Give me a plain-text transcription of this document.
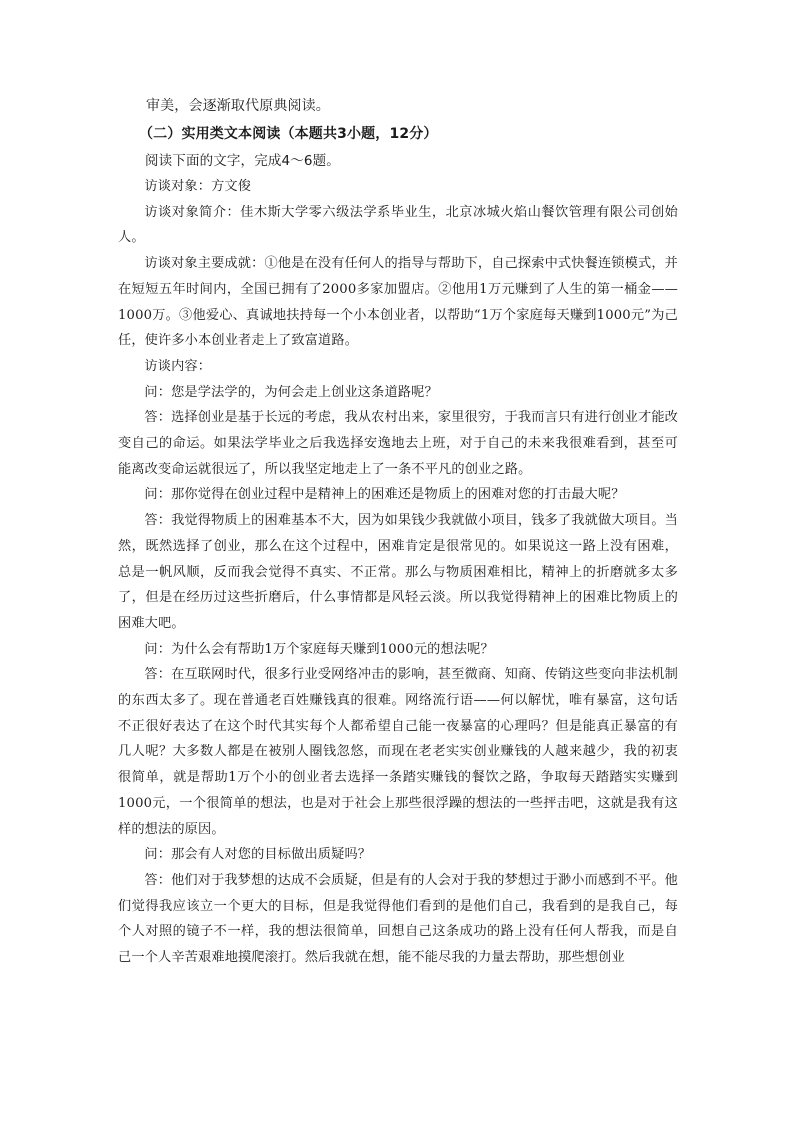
审美，会逐渐取代原典阅读。

（二）实用类文本阅读（本题共3小题，12分）

阅读下面的文字，完成4～6题。

访谈对象：方文俊

访谈对象简介：佳木斯大学零六级法学系毕业生，北京冰城火焰山餐饮管理有限公司创始人。

访谈对象主要成就：①他是在没有任何人的指导与帮助下，自己探索中式快餐连锁模式，并在短短五年时间内，全国已拥有了2000多家加盟店。②他用1万元赚到了人生的第一桶金——1000万。③他爱心、真诚地扶持每一个小本创业者，以帮助“1万个家庭每天赚到1000元”为己任，使许多小本创业者走上了致富道路。

访谈内容：

问：您是学法学的，为何会走上创业这条道路呢？

答：选择创业是基于长远的考虑，我从农村出来，家里很穷，于我而言只有进行创业才能改变自己的命运。如果法学毕业之后我选择安逸地去上班，对于自己的未来我很难看到，甚至可能离改变命运就很远了，所以我坚定地走上了一条不平凡的创业之路。

问：那你觉得在创业过程中是精神上的困难还是物质上的困难对您的打击最大呢？

答：我觉得物质上的困难基本不大，因为如果钱少我就做小项目，钱多了我就做大项目。当然，既然选择了创业，那么在这个过程中，困难肯定是很常见的。如果说这一路上没有困难，总是一帆风顺，反而我会觉得不真实、不正常。那么与物质困难相比，精神上的折磨就多太多了，但是在经历过这些折磨后，什么事情都是风轻云淡。所以我觉得精神上的困难比物质上的困难大吧。

问：为什么会有帮助1万个家庭每天赚到1000元的想法呢？

答：在互联网时代，很多行业受网络冲击的影响，甚至微商、知商、传销这些变向非法机制的东西太多了。现在普通老百姓赚钱真的很难。网络流行语——何以解忧，唯有暴富，这句话不正很好表达了在这个时代其实每个人都希望自己能一夜暴富的心理吗？但是能真正暴富的有几人呢？大多数人都是在被别人圈钱忽悠，而现在老老实实创业赚钱的人越来越少，我的初衷很简单，就是帮助1万个小的创业者去选择一条踏实赚钱的餐饮之路，争取每天踏踏实实赚到1000元，一个很简单的想法，也是对于社会上那些很浮躁的想法的一些抨击吧，这就是我有这样的想法的原因。

问：那会有人对您的目标做出质疑吗？

答：他们对于我梦想的达成不会质疑，但是有的人会对于我的梦想过于渺小而感到不平。他们觉得我应该立一个更大的目标，但是我觉得他们看到的是他们自己，我看到的是我自己，每个人对照的镜子不一样，我的想法很简单，回想自己这条成功的路上没有任何人帮我，而是自己一个人辛苦艰难地摸爬滚打。然后我就在想，能不能尽我的力量去帮助，那些想创业
